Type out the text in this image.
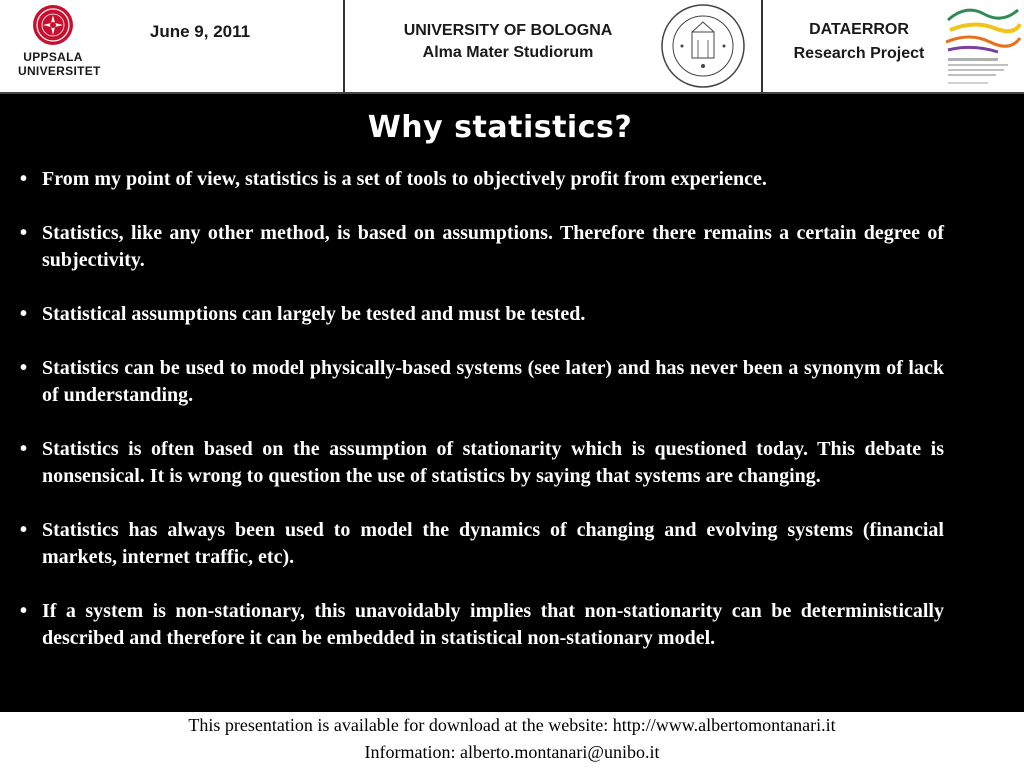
UPPSALA
UNIVERSITET
June 9, 2011	UNIVERSITY OF BOLOGNA
Alma Mater Studiorum
DATAERROR
Research Project
Why statistics?
• From my point of view, statistics is a set of tools to objectively profit from experience.
• Statistics, like any other method, is based on assumptions. Therefore there remains a certain degree of subjectivity.
• Statistical assumptions can largely be tested and must be tested.
• Statistics can be used to model physically-based systems (see later) and has never been a synonym of lack of understanding.
• Statistics is often based on the assumption of stationarity which is questioned today. This debate is nonsensical. It is wrong to question the use of statistics by saying that systems are changing.
• Statistics has always been used to model the dynamics of changing and evolving systems (financial markets, internet traffic, etc).
• If a system is non-stationary, this unavoidably implies that non-stationarity can be deterministically described and therefore it can be embedded in statistical non-stationary model.
This presentation is available for download at the website: http://www.albertomontanari.it
Information: alberto.montanari@unibo.it
